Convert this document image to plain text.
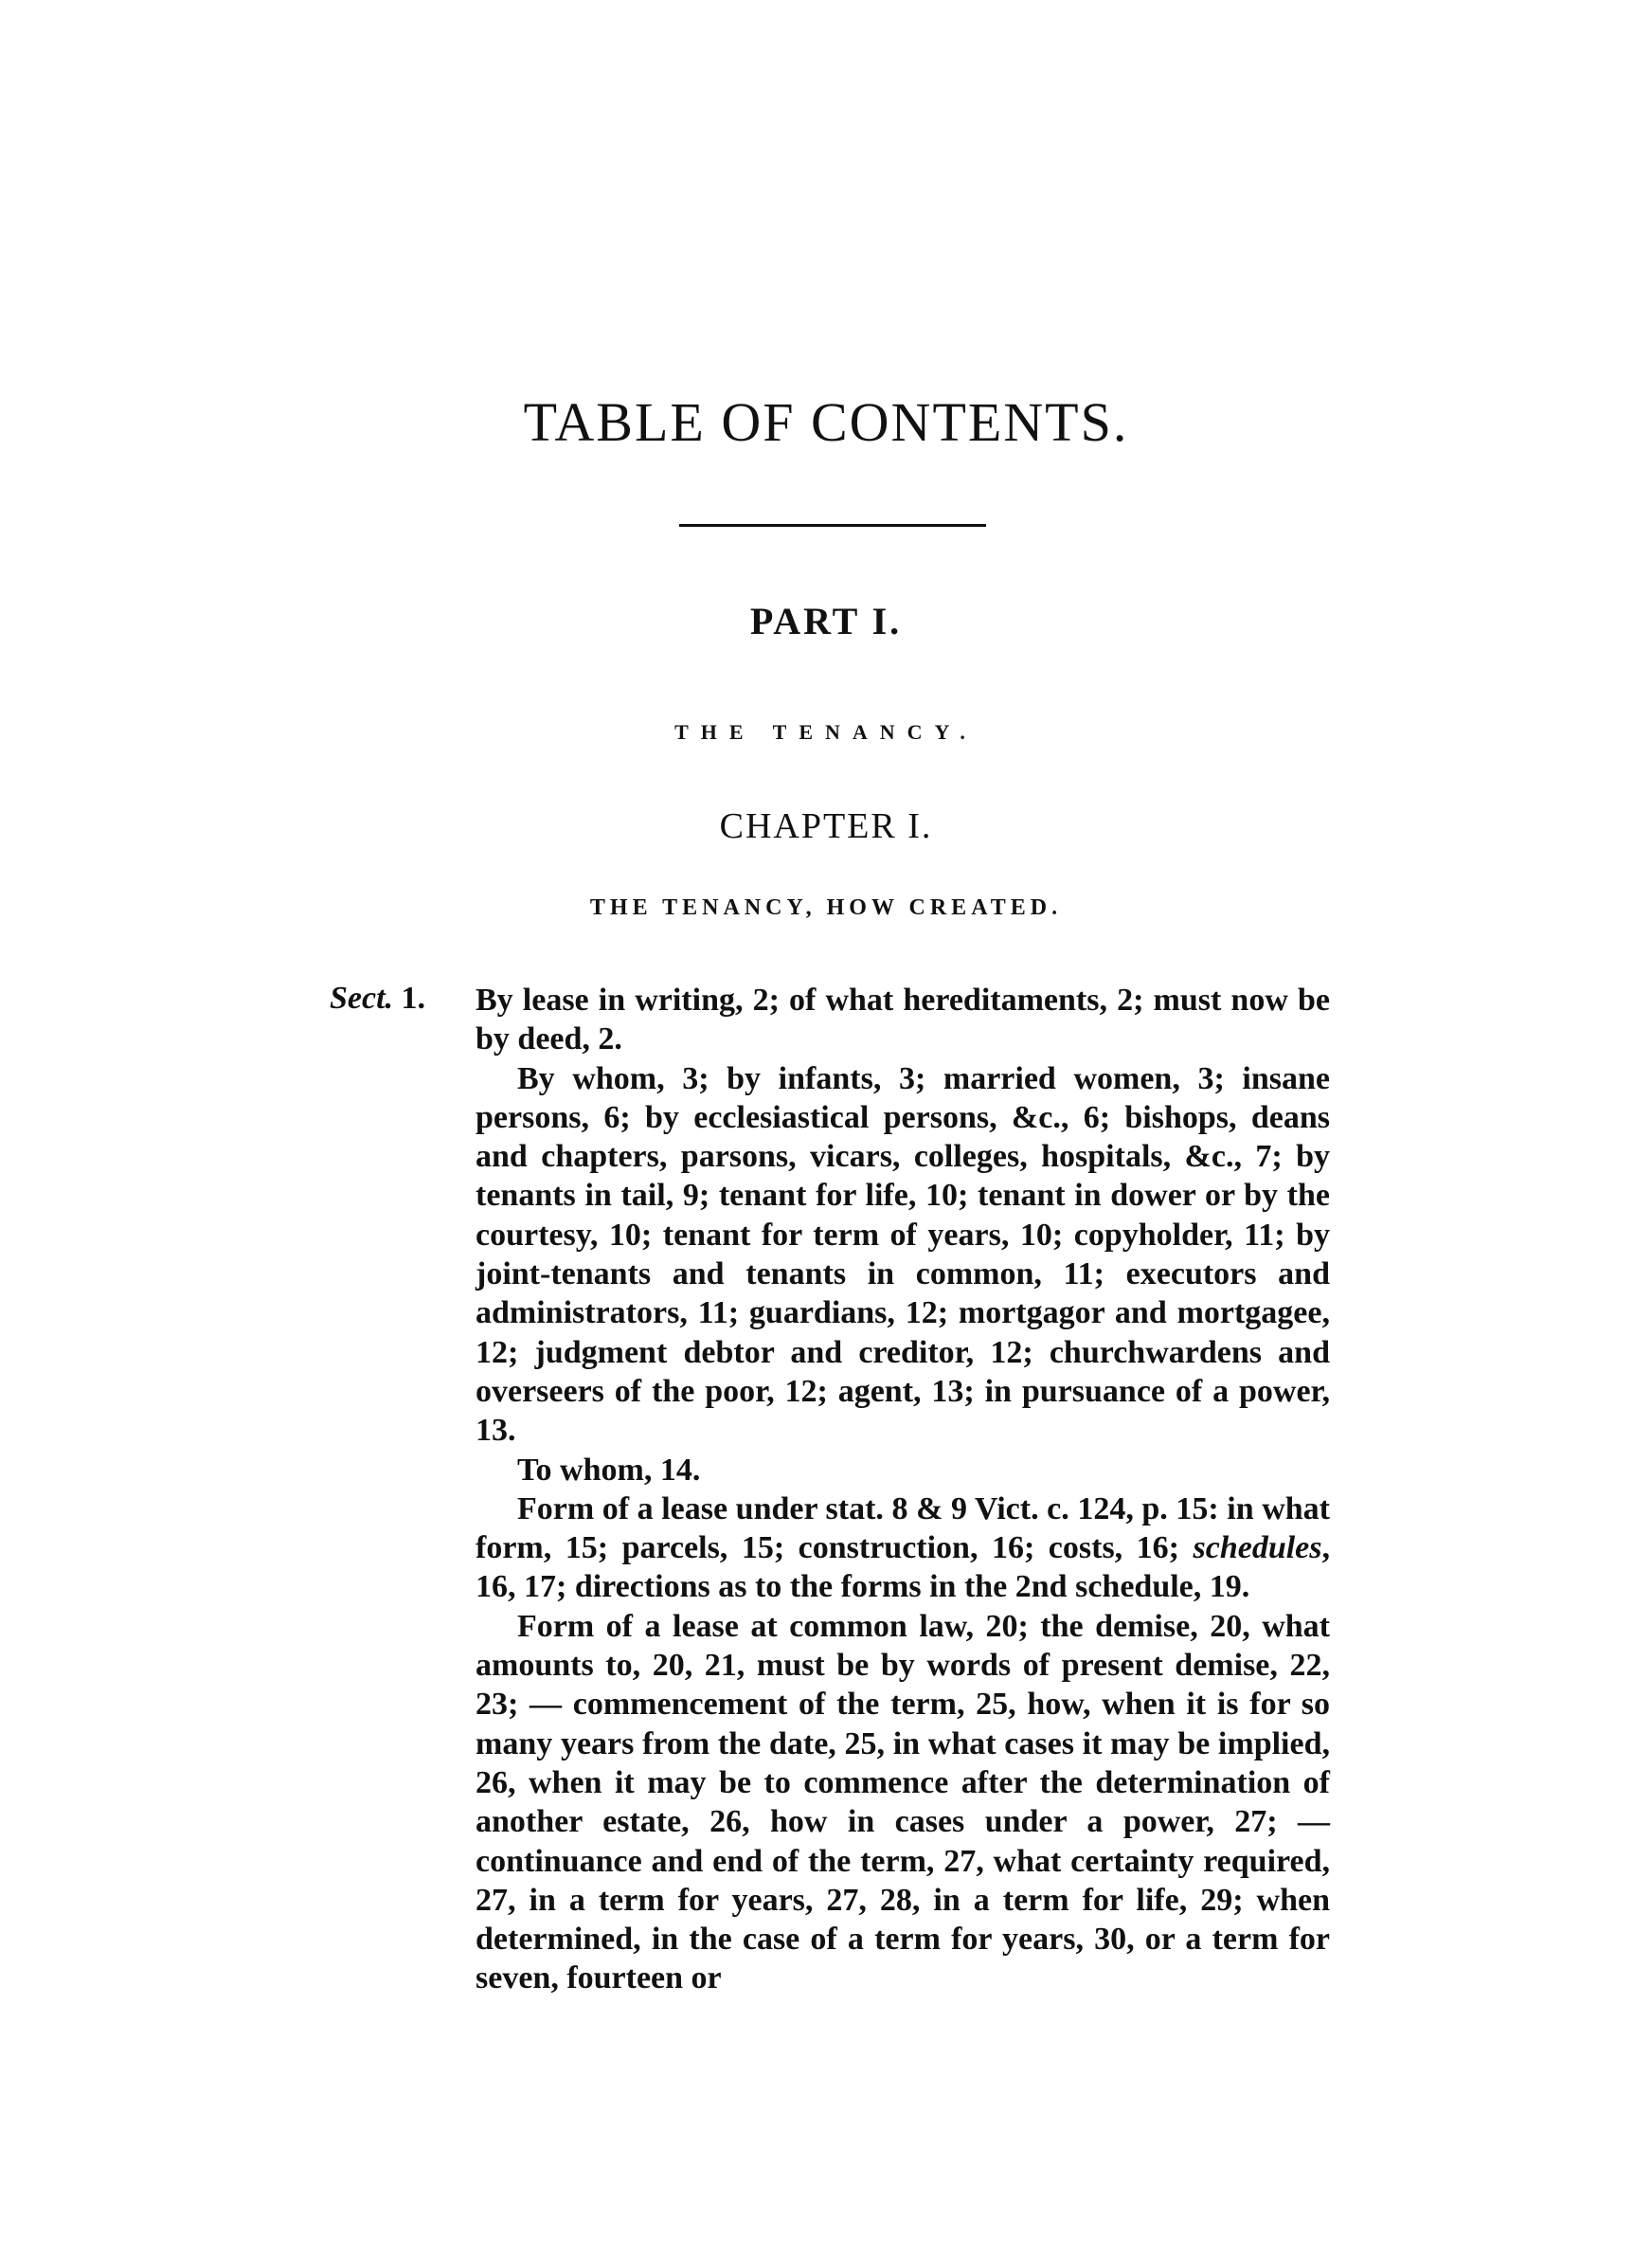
TABLE OF CONTENTS.
PART I.
THE TENANCY.
CHAPTER I.
THE TENANCY, HOW CREATED.
Sect. 1. By lease in writing, 2; of what hereditaments, 2; must now be by deed, 2.

By whom, 3; by infants, 3; married women, 3; insane persons, 6; by ecclesiastical persons, &c., 6; bishops, deans and chapters, parsons, vicars, colleges, hospitals, &c., 7; by tenants in tail, 9; tenant for life, 10; tenant in dower or by the courtesy, 10; tenant for term of years, 10; copyholder, 11; by joint-tenants and tenants in common, 11; executors and administrators, 11; guardians, 12; mortgagor and mortgagee, 12; judgment debtor and creditor, 12; churchwardens and overseers of the poor, 12; agent, 13; in pursuance of a power, 13.

To whom, 14.

Form of a lease under stat. 8 & 9 Vict. c. 124, p. 15: in what form, 15; parcels, 15; construction, 16; costs, 16; schedules, 16, 17; directions as to the forms in the 2nd schedule, 19.

Form of a lease at common law, 20; the demise, 20, what amounts to, 20, 21, must be by words of present demise, 22, 23; — commencement of the term, 25, how, when it is for so many years from the date, 25, in what cases it may be implied, 26, when it may be to commence after the determination of another estate, 26, how in cases under a power, 27; —continuance and end of the term, 27, what certainty required, 27, in a term for years, 27, 28, in a term for life, 29; when determined, in the case of a term for years, 30, or a term for seven, fourteen or
